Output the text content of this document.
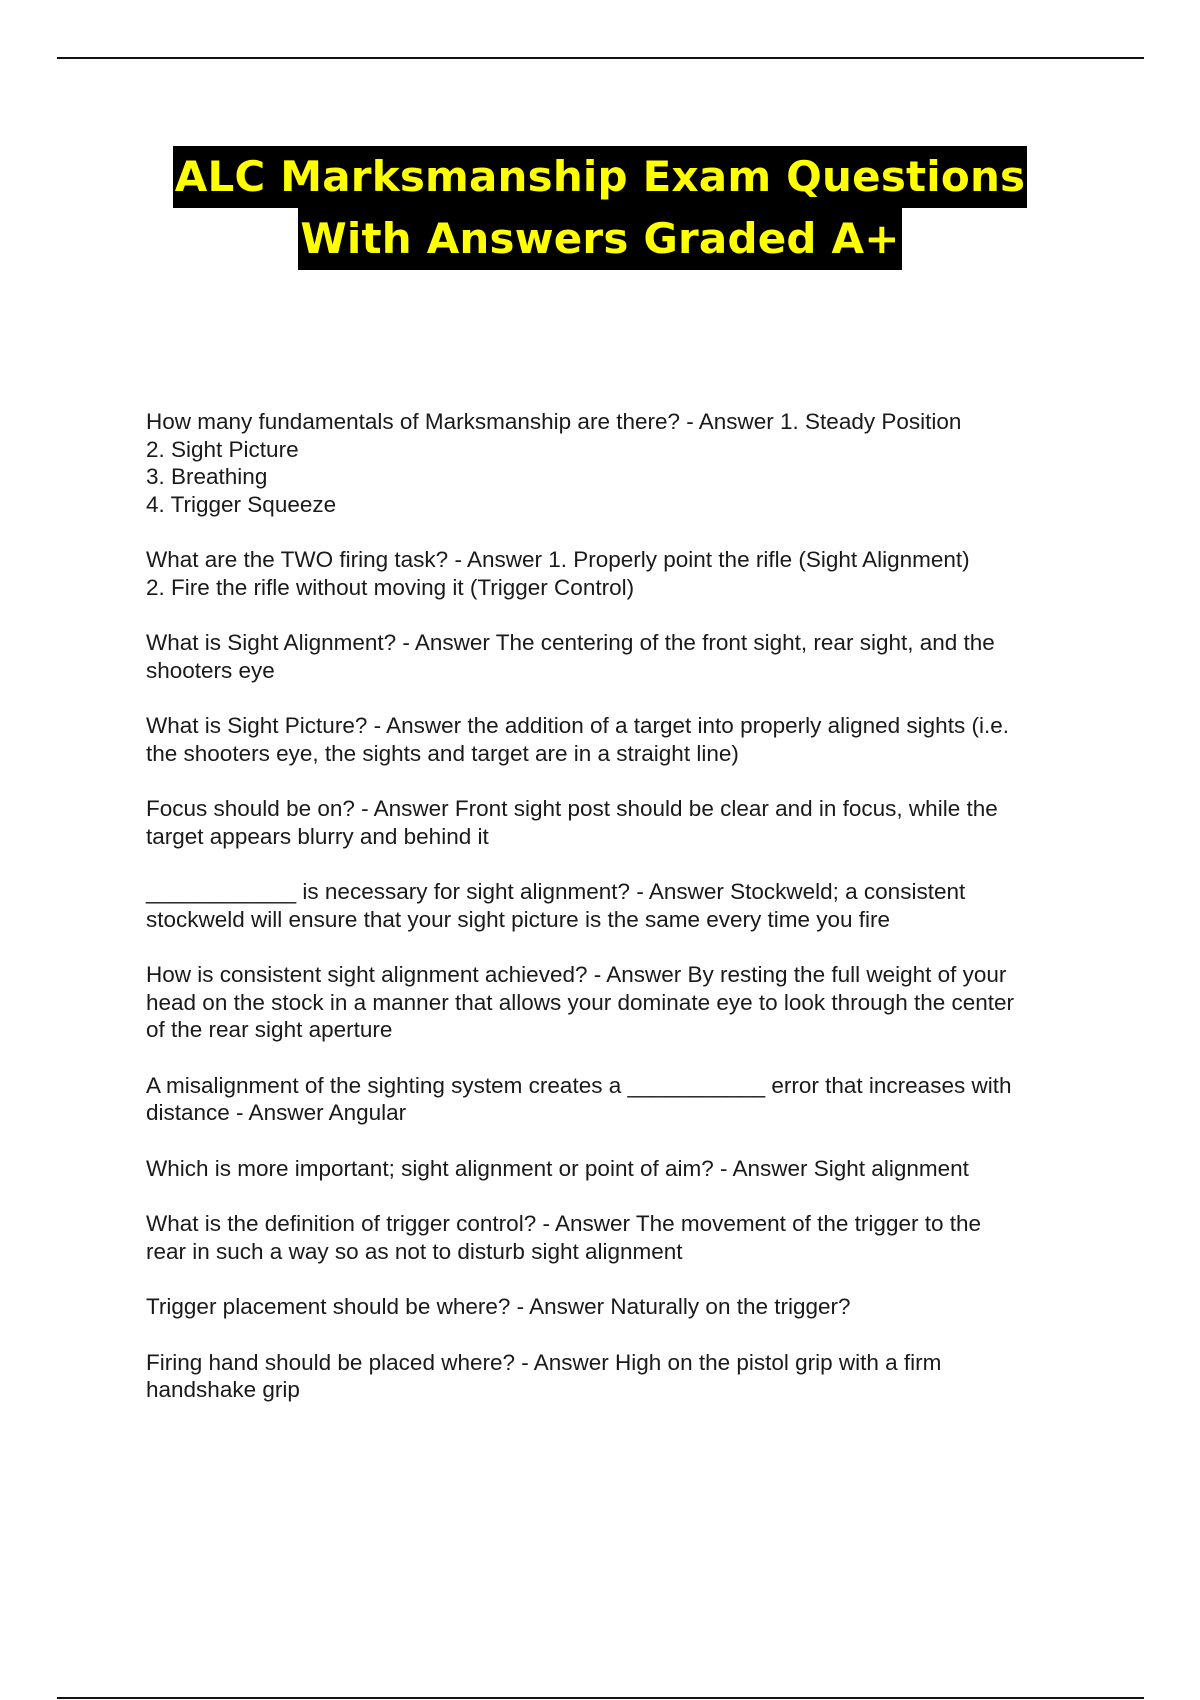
ALC Marksmanship Exam Questions
With Answers Graded A+
How many fundamentals of Marksmanship are there? - Answer 1. Steady Position
2. Sight Picture
3. Breathing
4. Trigger Squeeze
What are the TWO firing task? - Answer 1. Properly point the rifle (Sight Alignment)
2. Fire the rifle without moving it (Trigger Control)
What is Sight Alignment? - Answer The centering of the front sight, rear sight, and the
shooters eye
What is Sight Picture? - Answer the addition of a target into properly aligned sights (i.e.
the shooters eye, the sights and target are in a straight line)
Focus should be on? - Answer Front sight post should be clear and in focus, while the
target appears blurry and behind it
____________ is necessary for sight alignment? - Answer Stockweld; a consistent
stockweld will ensure that your sight picture is the same every time you fire
How is consistent sight alignment achieved? - Answer By resting the full weight of your
head on the stock in a manner that allows your dominate eye to look through the center
of the rear sight aperture
A misalignment of the sighting system creates a ___________ error that increases with
distance - Answer Angular
Which is more important; sight alignment or point of aim? - Answer Sight alignment
What is the definition of trigger control? - Answer The movement of the trigger to the
rear in such a way so as not to disturb sight alignment
Trigger placement should be where? - Answer Naturally on the trigger?
Firing hand should be placed where? - Answer High on the pistol grip with a firm
handshake grip
